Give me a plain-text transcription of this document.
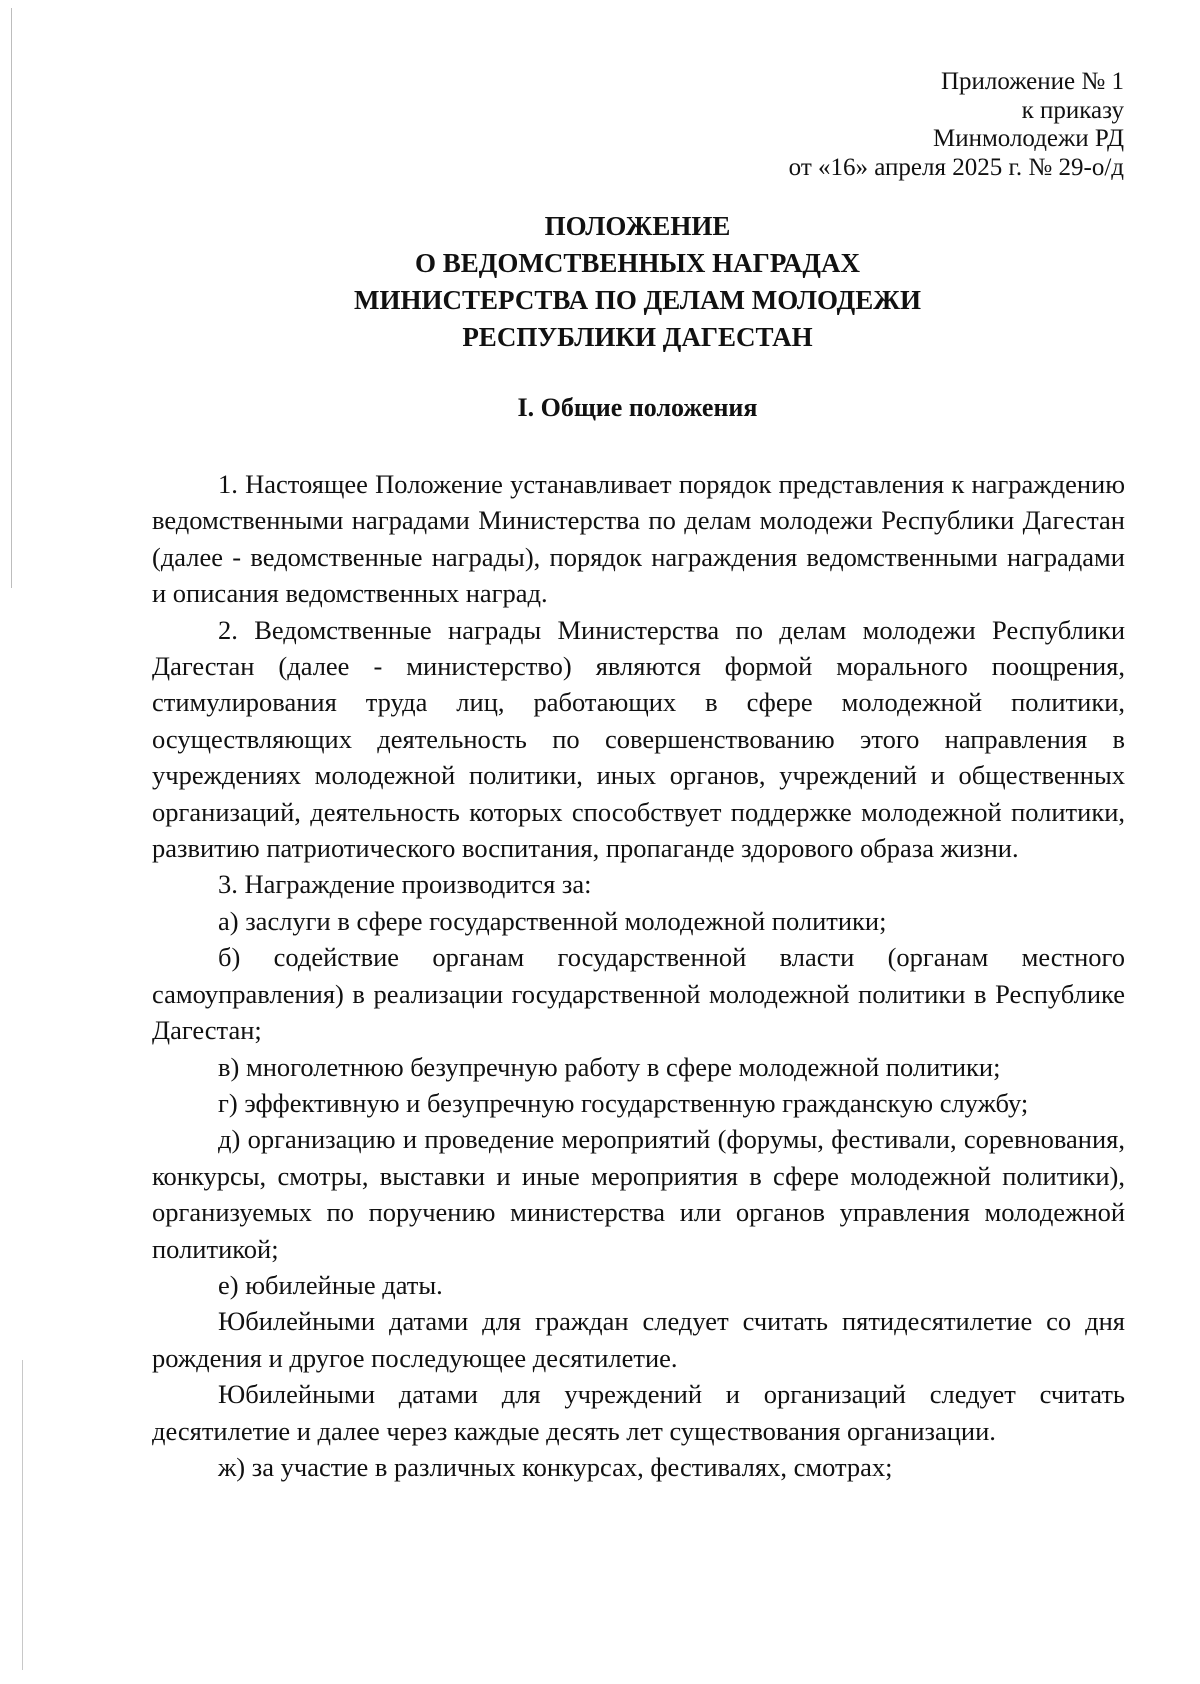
Приложение № 1
к приказу
Минмолодежи РД
от «16» апреля 2025 г. № 29-о/д
ПОЛОЖЕНИЕ
О ВЕДОМСТВЕННЫХ НАГРАДАХ
МИНИСТЕРСТВА ПО ДЕЛАМ МОЛОДЕЖИ
РЕСПУБЛИКИ ДАГЕСТАН
I. Общие положения

1. Настоящее Положение устанавливает порядок представления к награждению ведомственными наградами Министерства по делам молодежи Республики Дагестан (далее - ведомственные награды), порядок награждения ведомственными наградами и описания ведомственных наград.

2. Ведомственные награды Министерства по делам молодежи Республики Дагестан (далее - министерство) являются формой морального поощрения, стимулирования труда лиц, работающих в сфере молодежной политики, осуществляющих деятельность по совершенствованию этого направления в учреждениях молодежной политики, иных органов, учреждений и общественных организаций, деятельность которых способствует поддержке молодежной политики, развитию патриотического воспитания, пропаганде здорового образа жизни.

3. Награждение производится за:

а) заслуги в сфере государственной молодежной политики;

б) содействие органам государственной власти (органам местного самоуправления) в реализации государственной молодежной политики в Республике Дагестан;

в) многолетнюю безупречную работу в сфере молодежной политики;

г) эффективную и безупречную государственную гражданскую службу;

д) организацию и проведение мероприятий (форумы, фестивали, соревнования, конкурсы, смотры, выставки и иные мероприятия в сфере молодежной политики), организуемых по поручению министерства или органов управления молодежной политикой;

е) юбилейные даты.

Юбилейными датами для граждан следует считать пятидесятилетие со дня рождения и другое последующее десятилетие.

Юбилейными датами для учреждений и организаций следует считать десятилетие и далее через каждые десять лет существования организации.

ж) за участие в различных конкурсах, фестивалях, смотрах;
